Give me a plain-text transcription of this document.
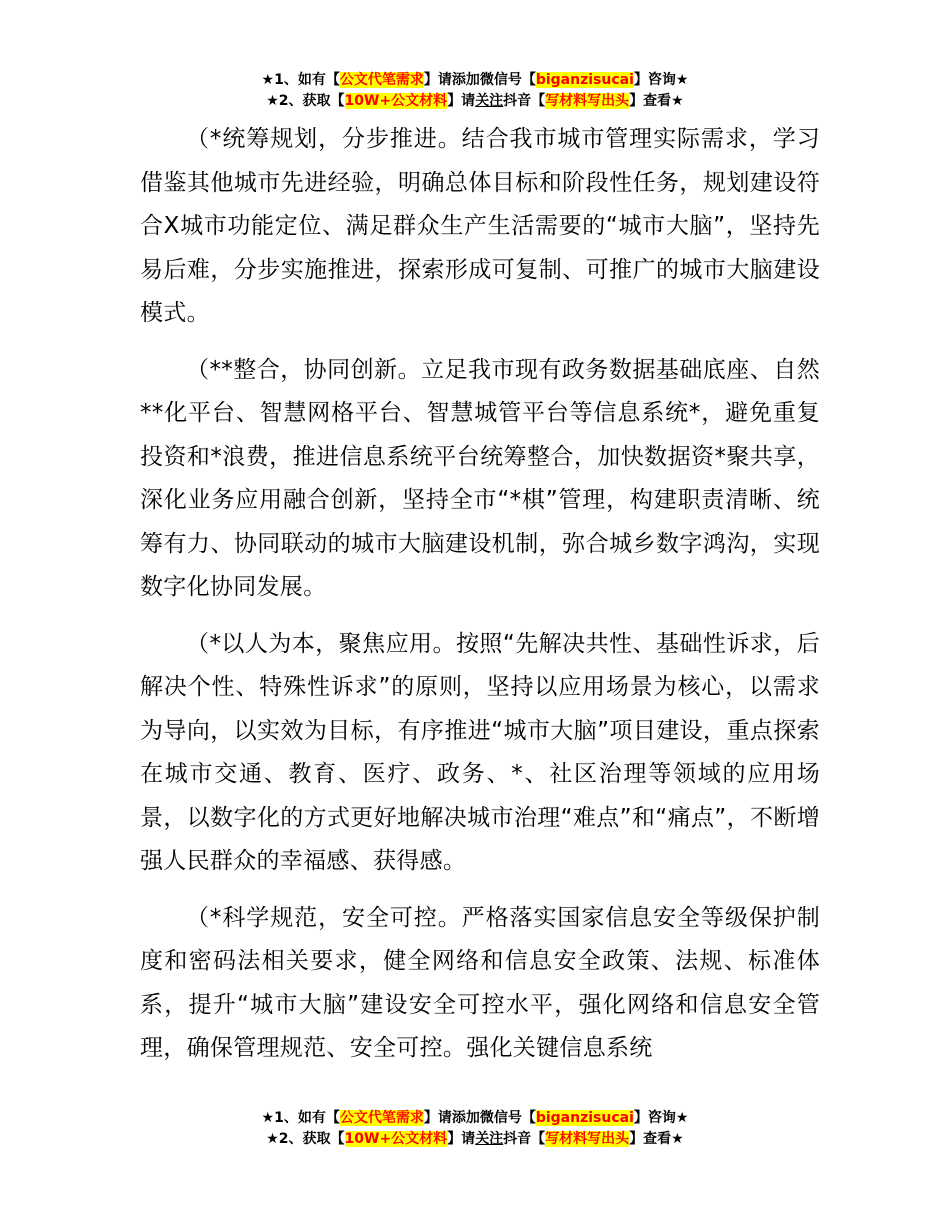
★1、如有【公文代笔需求】请添加微信号【biganzisucai】咨询★
★2、获取【10W+公文材料】请关注抖音【写材料写出头】查看★

（*统筹规划，分步推进。结合我市城市管理实际需求，学习借鉴其他城市先进经验，明确总体目标和阶段性任务，规划建设符合X城市功能定位、满足群众生产生活需要的“城市大脑”，坚持先易后难，分步实施推进，探索形成可复制、可推广的城市大脑建设模式。

（**整合，协同创新。立足我市现有政务数据基础底座、自然**化平台、智慧网格平台、智慧城管平台等信息系统*，避免重复投资和*浪费，推进信息系统平台统筹整合，加快数据资*聚共享，深化业务应用融合创新，坚持全市“*棋”管理，构建职责清晰、统筹有力、协同联动的城市大脑建设机制，弥合城乡数字鸿沟，实现数字化协同发展。

（*以人为本，聚焦应用。按照“先解决共性、基础性诉求，后解决个性、特殊性诉求”的原则，坚持以应用场景为核心，以需求为导向，以实效为目标，有序推进“城市大脑”项目建设，重点探索在城市交通、教育、医疗、政务、*、社区治理等领域的应用场景，以数字化的方式更好地解决城市治理“难点”和“痛点”，不断增强人民群众的幸福感、获得感。

（*科学规范，安全可控。严格落实国家信息安全等级保护制度和密码法相关要求，健全网络和信息安全政策、法规、标准体系，提升“城市大脑”建设安全可控水平，强化网络和信息安全管理，确保管理规范、安全可控。强化关键信息系统

★1、如有【公文代笔需求】请添加微信号【biganzisucai】咨询★
★2、获取【10W+公文材料】请关注抖音【写材料写出头】查看★
